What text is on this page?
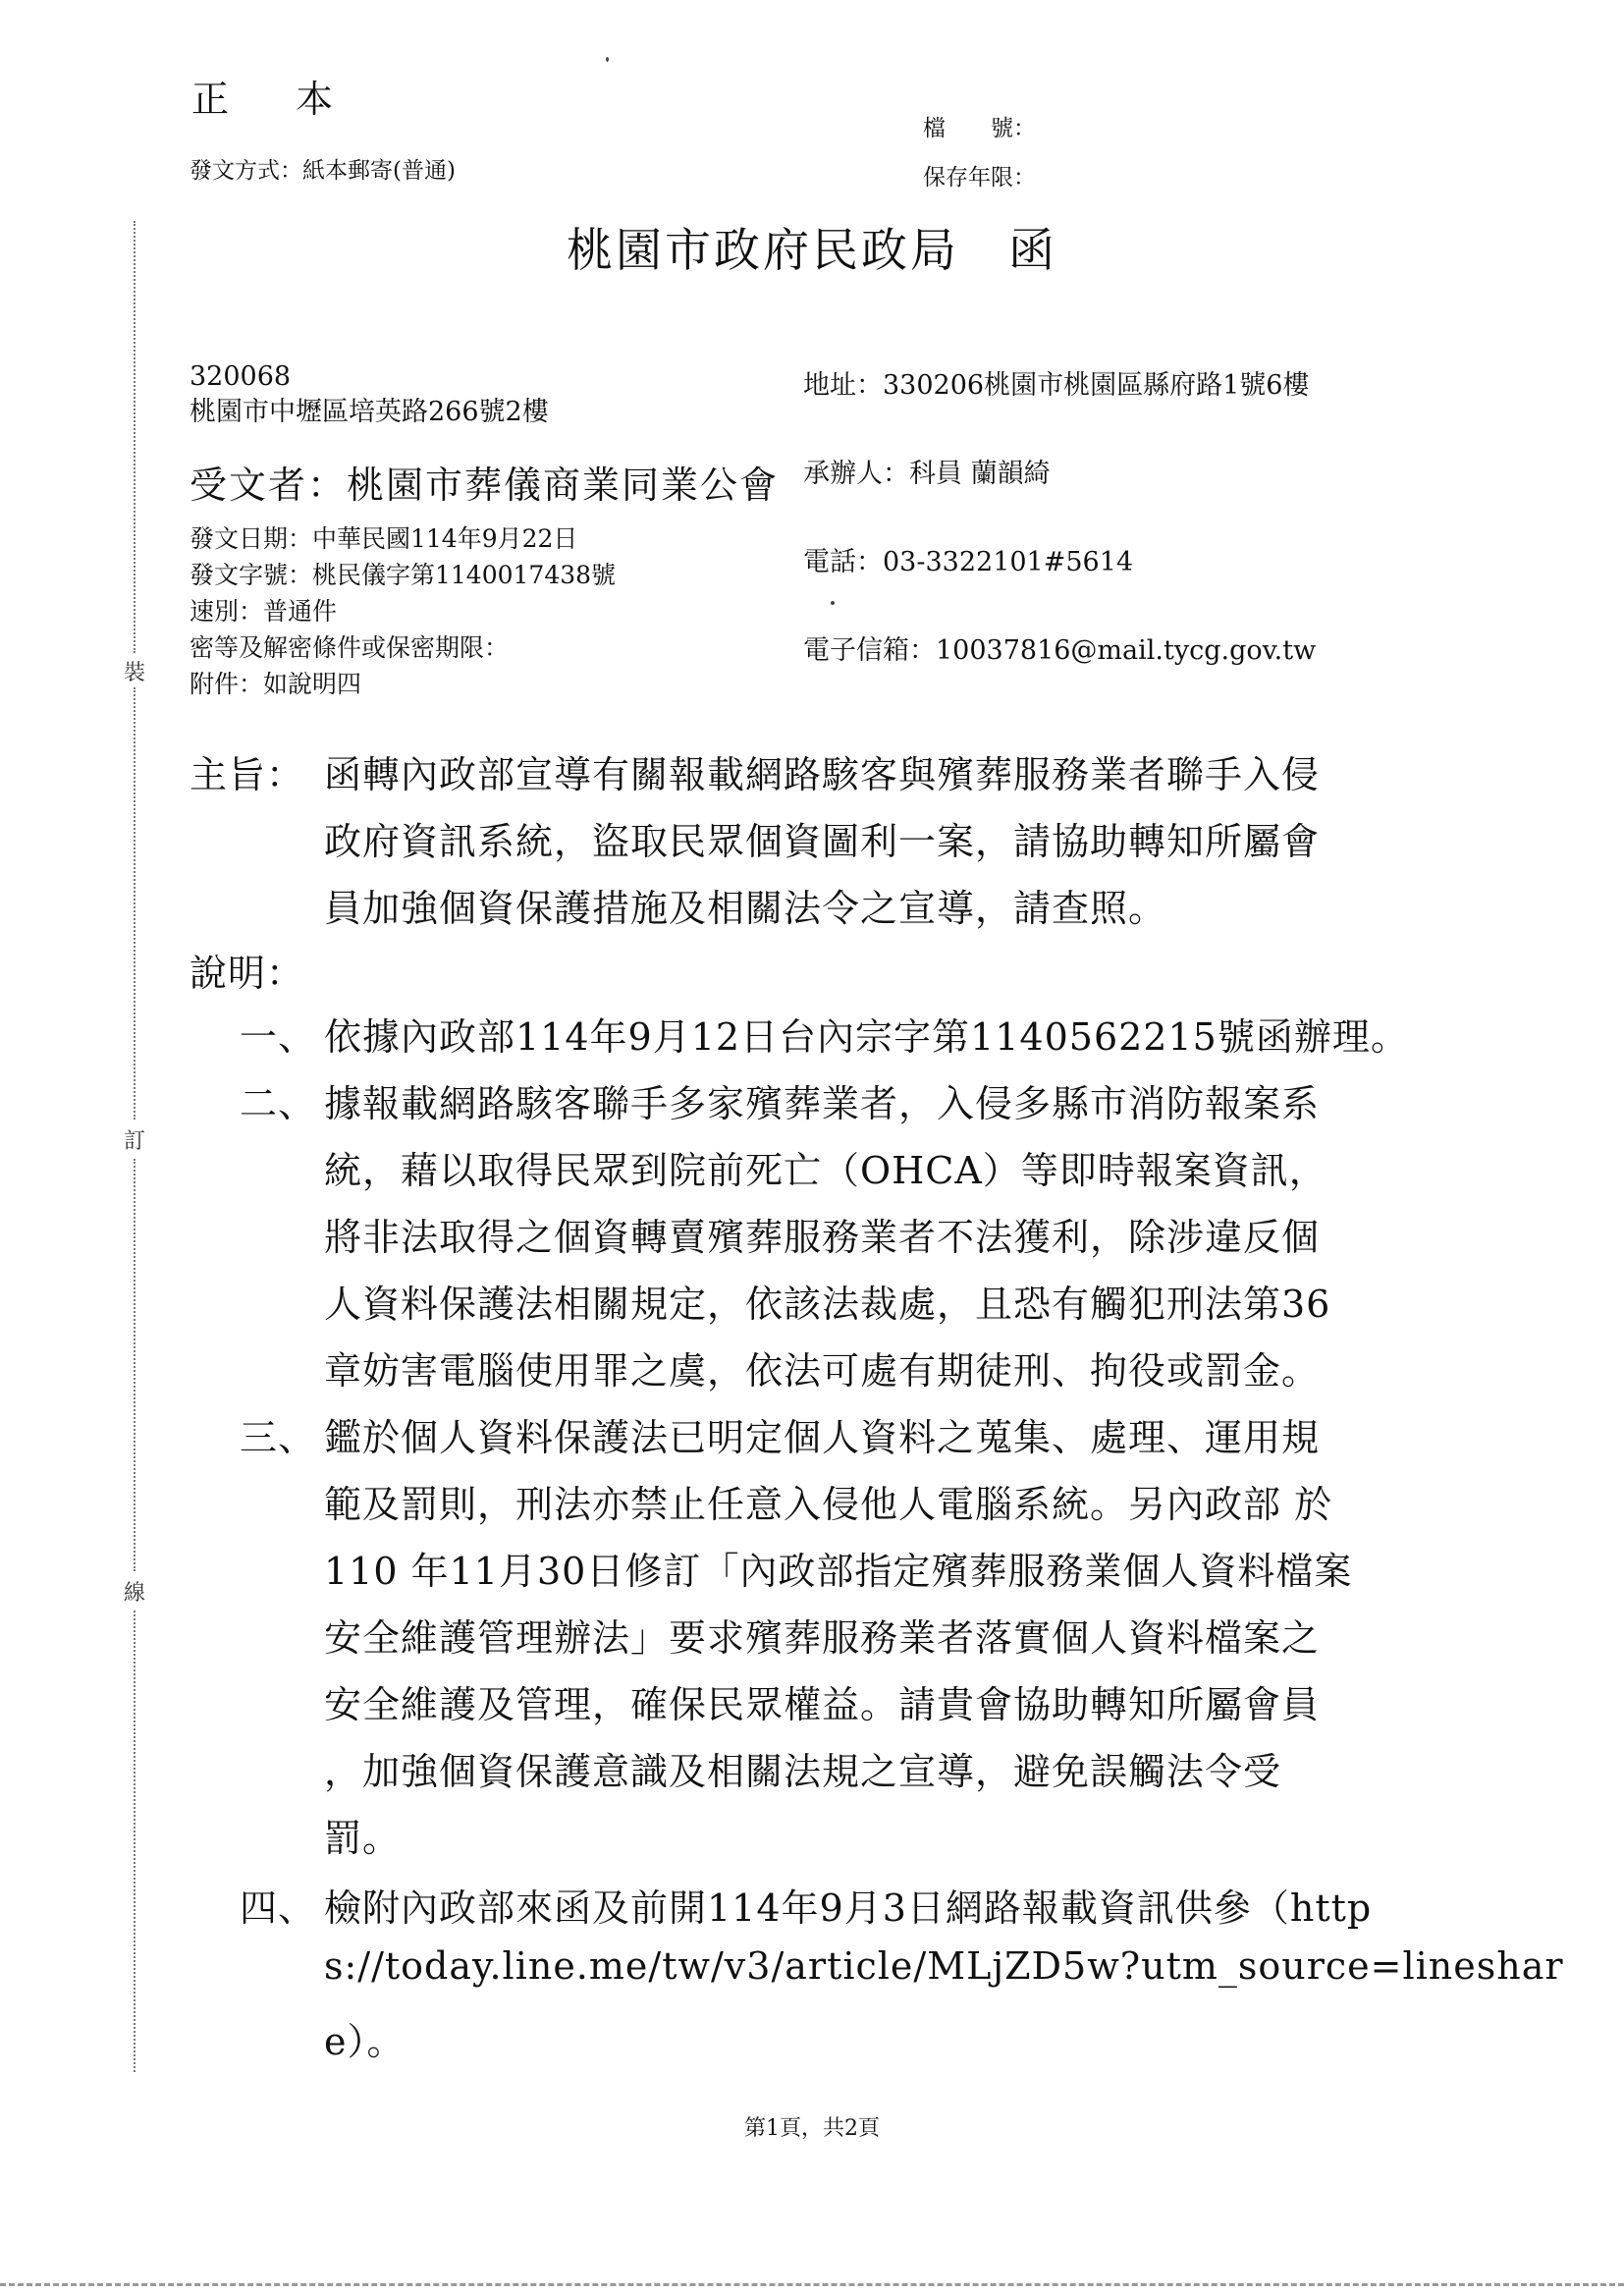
裝
訂
線
正 本
檔　　號：
發文方式：紙本郵寄(普通)	保存年限：
桃園市政府民政局　函

地址：330206桃園市桃園區縣府路1號6樓

承辦人：科員 蘭韻綺

電話：03-3322101#5614

電子信箱：10037816@mail.tycg.gov.tw

320068
桃園市中壢區培英路266號2樓
受文者：桃園市葬儀商業同業公會
發文日期：中華民國114年9月22日
發文字號：桃民儀字第1140017438號
速別：普通件
密等及解密條件或保密期限：
附件：如說明四
主旨： 函轉內政部宣導有關報載網路駭客與殯葬服務業者聯手入侵
政府資訊系統，盜取民眾個資圖利一案，請協助轉知所屬會
員加強個資保護措施及相關法令之宣導，請查照。
說明：
一、 依據內政部114年9月12日台內宗字第1140562215號函辦理。
二、 據報載網路駭客聯手多家殯葬業者，入侵多縣市消防報案系
統，藉以取得民眾到院前死亡（OHCA）等即時報案資訊，
將非法取得之個資轉賣殯葬服務業者不法獲利，除涉違反個
人資料保護法相關規定，依該法裁處，且恐有觸犯刑法第36
章妨害電腦使用罪之虞，依法可處有期徒刑、拘役或罰金。
三、 鑑於個人資料保護法已明定個人資料之蒐集、處理、運用規
範及罰則，刑法亦禁止任意入侵他人電腦系統。另內政部 於
110 年11月30日修訂「內政部指定殯葬服務業個人資料檔案
安全維護管理辦法」要求殯葬服務業者落實個人資料檔案之
安全維護及管理，確保民眾權益。請貴會協助轉知所屬會員
，加強個資保護意識及相關法規之宣導，避免誤觸法令受
罰。
四、 檢附內政部來函及前開114年9月3日網路報載資訊供參（http
s://today.line.me/tw/v3/article/MLjZD5w?utm_source=lineshar
e）。
第1頁，共2頁
